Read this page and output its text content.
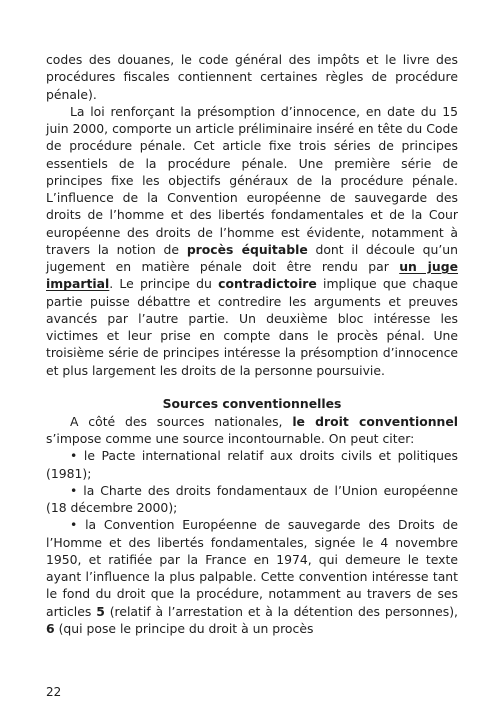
codes des douanes, le code général des impôts et le livre des procédures fiscales contiennent certaines règles de procédure pénale).

La loi renforçant la présomption d’innocence, en date du 15 juin 2000, comporte un article préliminaire inséré en tête du Code de procédure pénale. Cet article fixe trois séries de principes essentiels de la procédure pénale. Une première série de principes fixe les objectifs généraux de la procédure pénale. L’influence de la Convention européenne de sauvegarde des droits de l’homme et des libertés fondamentales et de la Cour européenne des droits de l’homme est évidente, notamment à travers la notion de procès équitable dont il découle qu’un jugement en matière pénale doit être rendu par un juge impartial. Le principe du contradictoire implique que chaque partie puisse débattre et contredire les arguments et preuves avancés par l’autre partie. Un deuxième bloc intéresse les victimes et leur prise en compte dans le procès pénal. Une troisième série de principes intéresse la présomption d’innocence et plus largement les droits de la personne poursuivie.

Sources conventionnelles

A côté des sources nationales, le droit conventionnel s’impose comme une source incontournable. On peut citer:

• le Pacte international relatif aux droits civils et politiques (1981);

• la Charte des droits fondamentaux de l’Union européenne (18 décembre 2000);

• la Convention Européenne de sauvegarde des Droits de l’Homme et des libertés fondamentales, signée le 4 novembre 1950, et ratifiée par la France en 1974, qui demeure le texte ayant l’influence la plus palpable. Cette convention intéresse tant le fond du droit que la procédure, notamment au travers de ses articles 5 (relatif à l’arrestation et à la détention des personnes), 6 (qui pose le principe du droit à un procès

22
